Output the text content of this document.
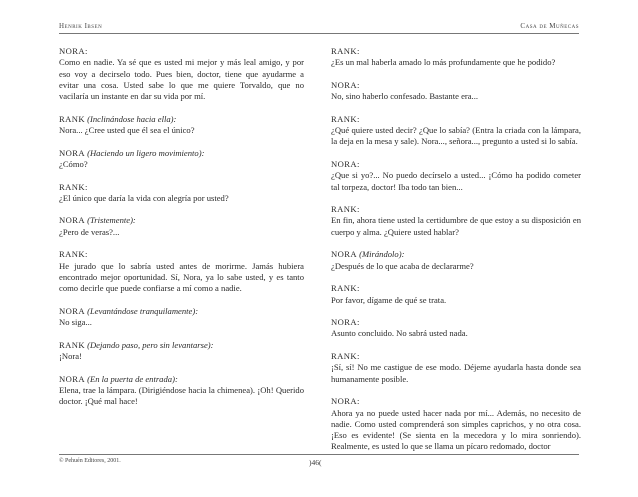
Henrik Ibsen	Casa de Muñecas

NORA:

Como en nadie. Ya sé que es usted mi mejor y más leal amigo, y por eso voy a decirselo todo. Pues bien, doctor, tiene que ayudarme a evitar una cosa. Usted sabe lo que me quiere Torvaldo, que no vacilaría un instante en dar su vida por mí.

RANK (Inclinándose hacia ella):

Nora... ¿Cree usted que él sea el único?

NORA (Haciendo un ligero movimiento):

¿Cómo?

RANK:

¿El único que daría la vida con alegría por usted?

NORA (Tristemente):

¿Pero de veras?...

RANK:

He jurado que lo sabría usted antes de morirme. Jamás hubiera encontrado mejor oportunidad. Sí, Nora, ya lo sabe usted, y es tanto como decirle que puede confiarse a mí como a nadie.

NORA (Levantándose tranquilamente):

No siga...

RANK (Dejando paso, pero sin levantarse):

¡Nora!

NORA (En la puerta de entrada):

Elena, trae la lámpara. (Dirigiéndose hacia la chimenea). ¡Oh! Querido doctor. ¡Qué mal hace!

RANK:

¿Es un mal haberla amado lo más profundamente que he podido?

NORA:

No, sino haberlo confesado. Bastante era...

RANK:

¿Qué quiere usted decir? ¿Que lo sabía? (Entra la criada con la lámpara, la deja en la mesa y sale). Nora..., señora..., pregunto a usted si lo sabía.

NORA:

¿Que si yo?... No puedo decírselo a usted... ¡Cómo ha podido cometer tal torpeza, doctor! Iba todo tan bien...

RANK:

En fin, ahora tiene usted la certidumbre de que estoy a su disposición en cuerpo y alma. ¿Quiere usted hablar?

NORA (Mirándolo):

¿Después de lo que acaba de declararme?

RANK:

Por favor, dígame de qué se trata.

NORA:

Asunto concluido. No sabrá usted nada.

RANK:

¡Sí, sí! No me castigue de ese modo. Déjeme ayudarla hasta donde sea humanamente posible.

NORA:

Ahora ya no puede usted hacer nada por mí... Además, no necesito de nadie. Como usted comprenderá son simples caprichos, y no otra cosa. ¡Eso es evidente! (Se sienta en la mecedora y lo mira sonriendo). Realmente, es usted lo que se llama un pícaro redomado, doctor

© Pehuén Editores, 2001.	)46(
